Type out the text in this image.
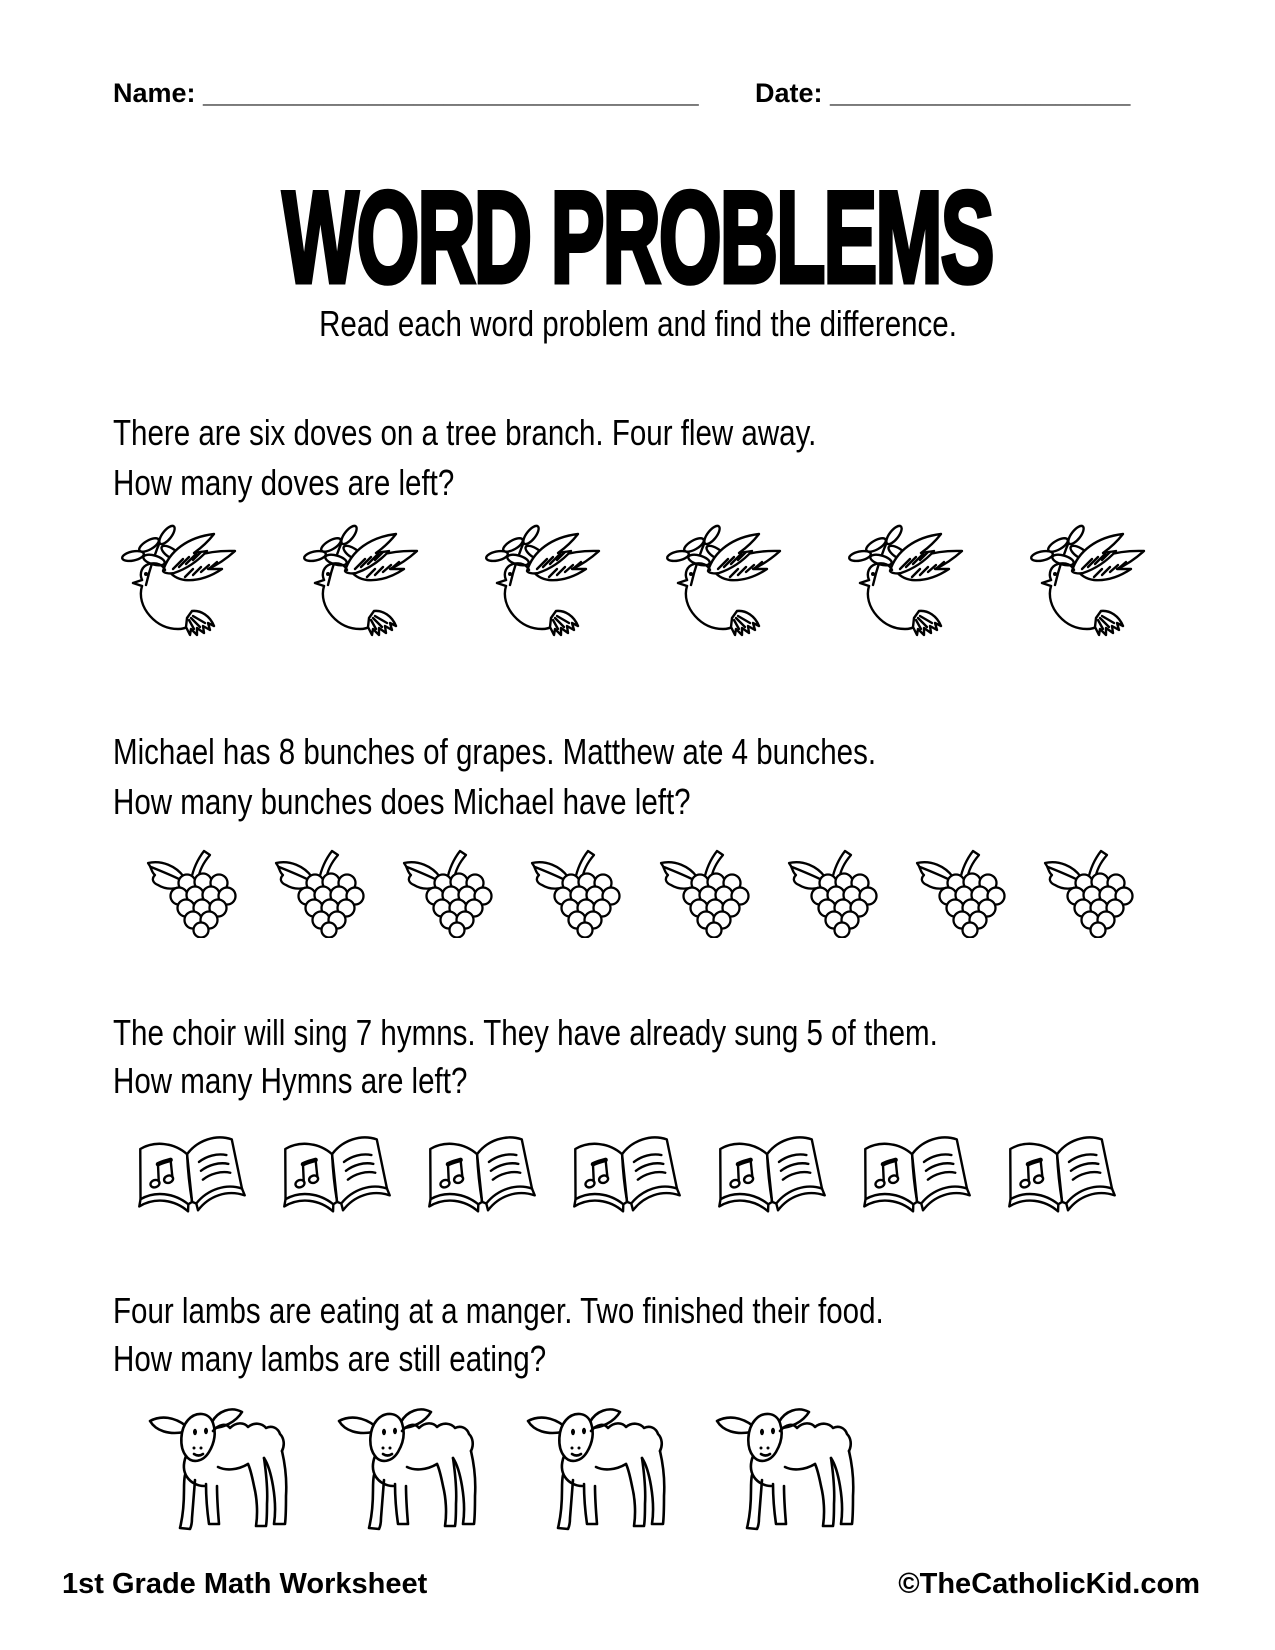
Name: _________________________________ Date: ____________________
WORD PROBLEMS
Read each word problem and find the difference.
There are six doves on a tree branch. Four flew away.
How many doves are left?
Michael has 8 bunches of grapes. Matthew ate 4 bunches.
How many bunches does Michael have left?
The choir will sing 7 hymns. They have already sung 5 of them.
How many Hymns are left?
Four lambs are eating at a manger. Two finished their food.
How many lambs are still eating?
1st Grade Math Worksheet	©TheCatholicKid.com
